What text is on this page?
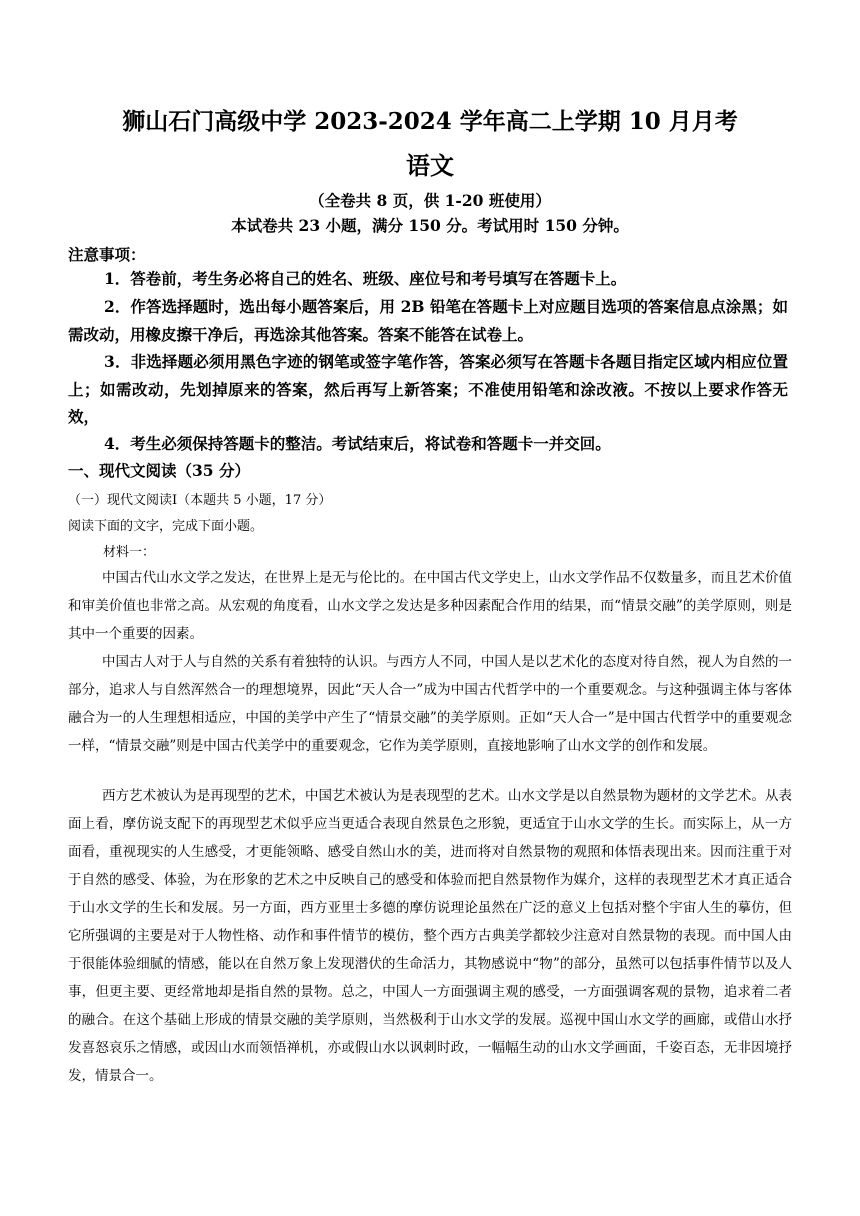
狮山石门高级中学 2023-2024 学年高二上学期 10 月月考
语文
（全卷共 8 页，供 1-20 班使用）
本试卷共 23 小题，满分 150 分。考试用时 150 分钟。
注意事项：
1．答卷前，考生务必将自己的姓名、班级、座位号和考号填写在答题卡上。
2．作答选择题时，选出每小题答案后，用 2B 铅笔在答题卡上对应题目选项的答案信息点涂黑；如需改动，用橡皮擦干净后，再选涂其他答案。答案不能答在试卷上。
3．非选择题必须用黑色字迹的钢笔或签字笔作答，答案必须写在答题卡各题目指定区域内相应位置上；如需改动，先划掉原来的答案，然后再写上新答案；不准使用铅笔和涂改液。不按以上要求作答无效，
4．考生必须保持答题卡的整洁。考试结束后，将试卷和答题卡一并交回。
一、现代文阅读（35 分）
（一）现代文阅读Ⅰ（本题共 5 小题，17 分）
阅读下面的文字，完成下面小题。
材料一：
中国古代山水文学之发达，在世界上是无与伦比的。在中国古代文学史上，山水文学作品不仅数量多，而且艺术价值和审美价值也非常之高。从宏观的角度看，山水文学之发达是多种因素配合作用的结果，而“情景交融”的美学原则，则是其中一个重要的因素。
中国古人对于人与自然的关系有着独特的认识。与西方人不同，中国人是以艺术化的态度对待自然，视人为自然的一部分，追求人与自然浑然合一的理想境界，因此“天人合一”成为中国古代哲学中的一个重要观念。与这种强调主体与客体融合为一的人生理想相适应，中国的美学中产生了“情景交融”的美学原则。正如“天人合一”是中国古代哲学中的重要观念一样，“情景交融”则是中国古代美学中的重要观念，它作为美学原则，直接地影响了山水文学的创作和发展。
西方艺术被认为是再现型的艺术，中国艺术被认为是表现型的艺术。山水文学是以自然景物为题材的文学艺术。从表面上看，摩仿说支配下的再现型艺术似乎应当更适合表现自然景色之形貌，更适宜于山水文学的生长。而实际上，从一方面看，重视现实的人生感受，才更能领略、感受自然山水的美，进而将对自然景物的观照和体悟表现出来。因而注重于对于自然的感受、体验，为在形象的艺术之中反映自己的感受和体验而把自然景物作为媒介，这样的表现型艺术才真正适合于山水文学的生长和发展。另一方面，西方亚里士多德的摩仿说理论虽然在广泛的意义上包括对整个宇宙人生的摹仿，但它所强调的主要是对于人物性格、动作和事件情节的模仿，整个西方古典美学都较少注意对自然景物的表现。而中国人由于很能体验细腻的情感，能以在自然万象上发现潜伏的生命活力，其物感说中“物”的部分，虽然可以包括事件情节以及人事，但更主要、更经常地却是指自然的景物。总之，中国人一方面强调主观的感受，一方面强调客观的景物，追求着二者的融合。在这个基础上形成的情景交融的美学原则，当然极利于山水文学的发展。巡视中国山水文学的画廊，或借山水抒发喜怒哀乐之情感，或因山水而领悟禅机，亦或假山水以讽刺时政，一幅幅生动的山水文学画面，千姿百态，无非因境抒发，情景合一。
